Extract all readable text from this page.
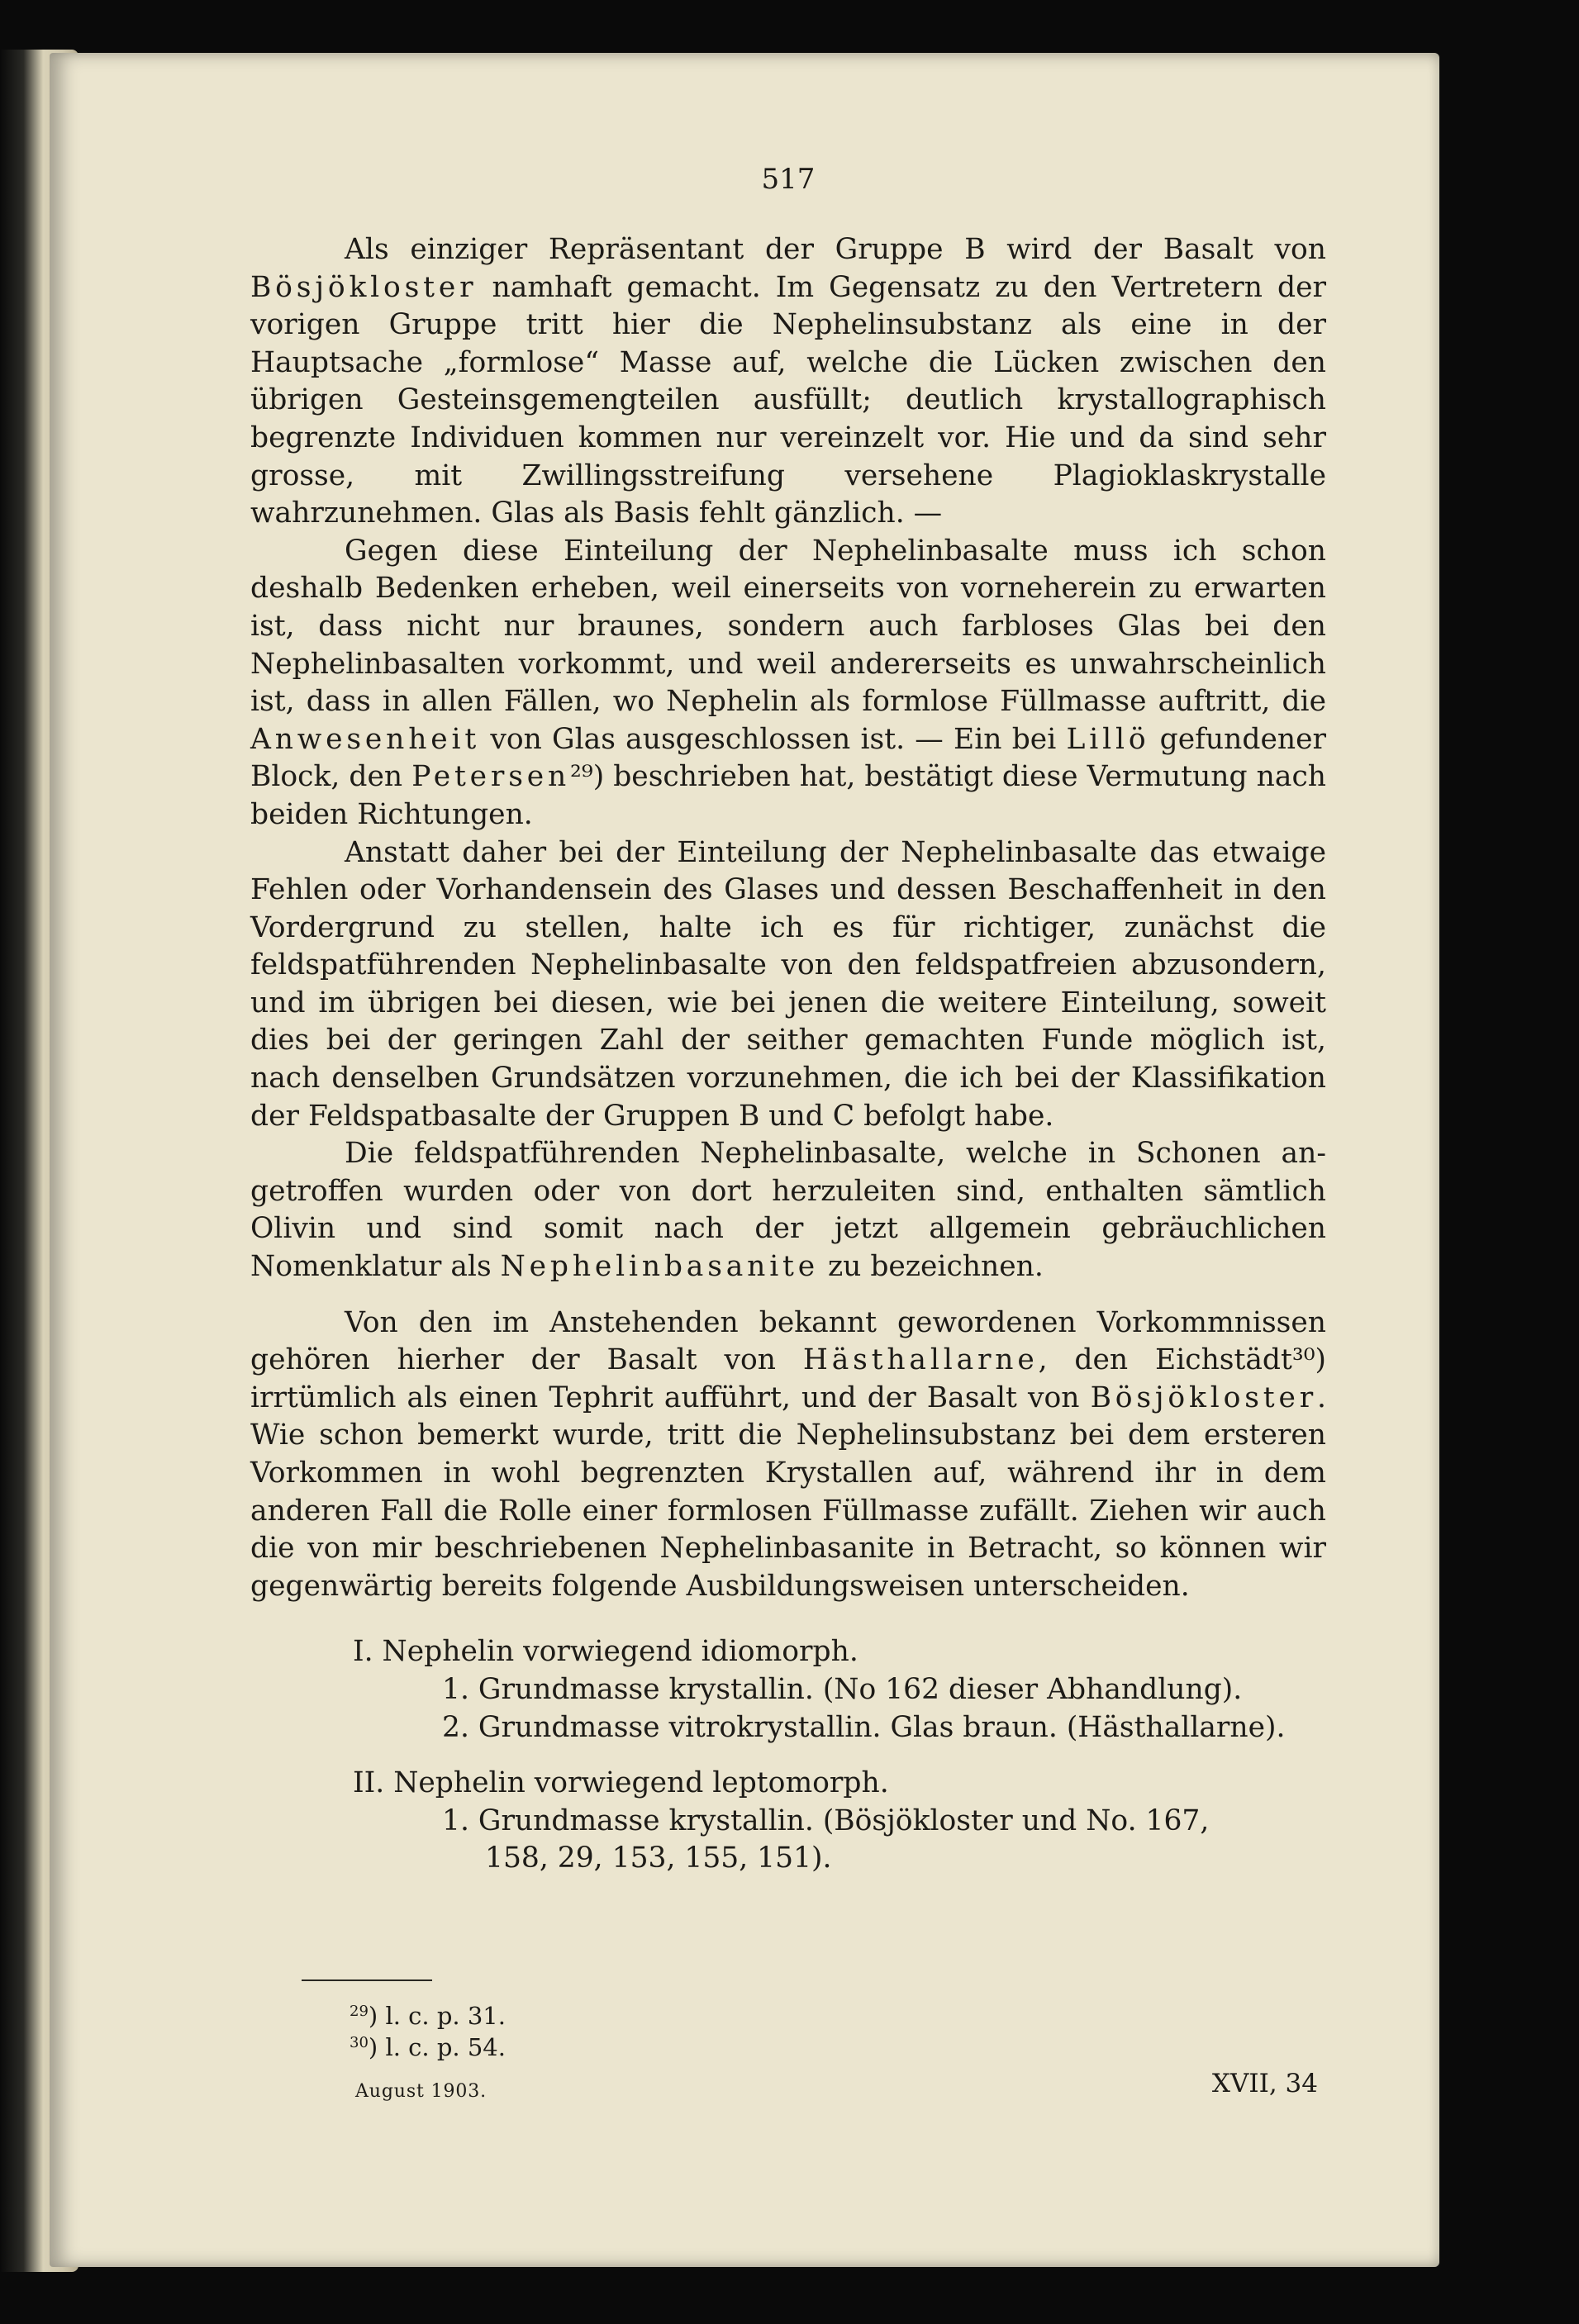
517

Als einziger Repräsentant der Gruppe B wird der Basalt von Bösjökloster namhaft gemacht. Im Gegensatz zu den Vertretern der vorigen Gruppe tritt hier die Nephelinsubstanz als eine in der Hauptsache „formlose“ Masse auf, welche die Lücken zwischen den übrigen Gesteinsgemengteilen ausfüllt; deutlich krystallographisch begrenzte Individuen kommen nur vereinzelt vor. Hie und da sind sehr grosse, mit Zwillingsstreifung versehene Plagioklaskrystalle wahrzunehmen. Glas als Basis fehlt gänzlich. —

Gegen diese Einteilung der Nephelinbasalte muss ich schon deshalb Bedenken erheben, weil einerseits von vorneherein zu erwarten ist, dass nicht nur braunes, sondern auch farbloses Glas bei den Nephelinbasalten vorkommt, und weil andererseits es unwahrscheinlich ist, dass in allen Fällen, wo Nephelin als formlose Füllmasse auftritt, die Anwesenheit von Glas ausgeschlossen ist. — Ein bei Lillö gefundener Block, den Petersen²⁹) beschrieben hat, bestätigt diese Vermutung nach beiden Richtungen.

Anstatt daher bei der Einteilung der Nephelinbasalte das etwaige Fehlen oder Vorhandensein des Glases und dessen Beschaffenheit in den Vordergrund zu stellen, halte ich es für richtiger, zunächst die feldspatführenden Nephelinbasalte von den feldspatfreien abzusondern, und im übrigen bei diesen, wie bei jenen die weitere Einteilung, soweit dies bei der geringen Zahl der seither gemachten Funde möglich ist, nach denselben Grundsätzen vorzunehmen, die ich bei der Klassifikation der Feldspatbasalte der Gruppen B und C befolgt habe.

Die feldspatführenden Nephelinbasalte, welche in Schonen angetroffen wurden oder von dort herzuleiten sind, enthalten sämtlich Olivin und sind somit nach der jetzt allgemein gebräuchlichen Nomenklatur als Nephelinbasanite zu bezeichnen.

Von den im Anstehenden bekannt gewordenen Vorkommnissen gehören hierher der Basalt von Hästhallarne, den Eichstädt³⁰) irrtümlich als einen Tephrit aufführt, und der Basalt von Bösjökloster. Wie schon bemerkt wurde, tritt die Nephelinsubstanz bei dem ersteren Vorkommen in wohl begrenzten Krystallen auf, während ihr in dem anderen Fall die Rolle einer formlosen Füllmasse zufällt. Ziehen wir auch die von mir beschriebenen Nephelinbasanite in Betracht, so können wir gegenwärtig bereits folgende Ausbildungsweisen unterscheiden.

I. Nephelin vorwiegend idiomorph.
1. Grundmasse krystallin. (No 162 dieser Abhandlung).
2. Grundmasse vitrokrystallin. Glas braun. (Hästhallarne).
II. Nephelin vorwiegend leptomorph.
1. Grundmasse krystallin. (Bösjökloster und No. 167,
158, 29, 153, 155, 151).
$^{29}$) l. c. p. 31.
$^{30}$) l. c. p. 54.
August 1903.	XVII, 34
